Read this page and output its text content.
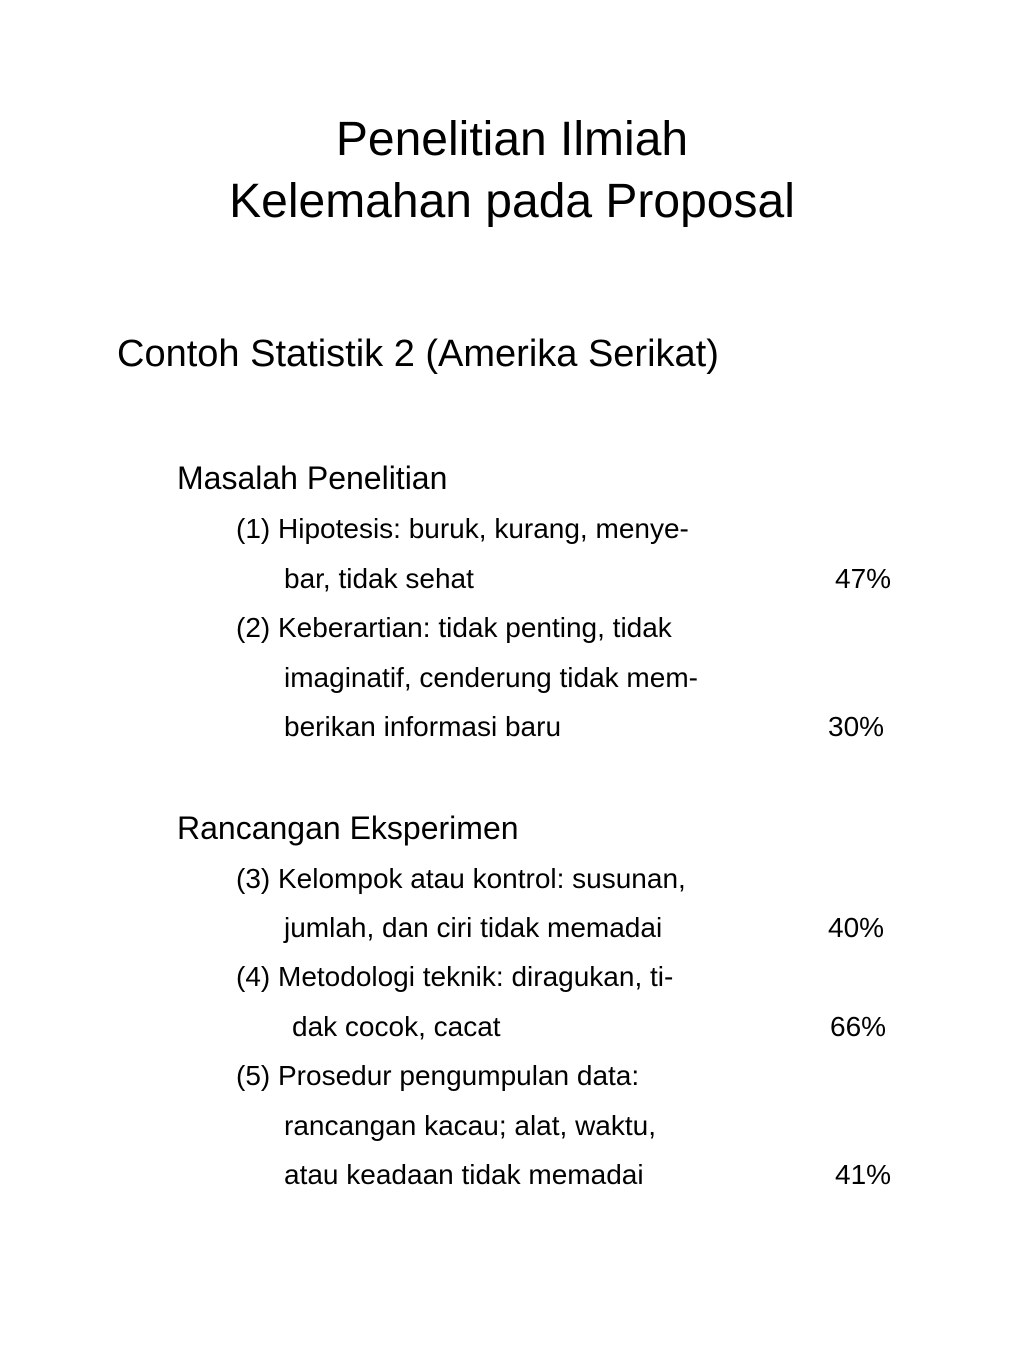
Penelitian Ilmiah
Kelemahan pada Proposal
Contoh Statistik 2 (Amerika Serikat)
Masalah Penelitian
(1) Hipotesis: buruk, kurang, menye-
bar, tidak sehat	47%
(2) Keberartian: tidak penting, tidak
imaginatif, cenderung tidak mem-
berikan informasi baru	30%
Rancangan Eksperimen
(3) Kelompok atau kontrol: susunan,
jumlah, dan ciri tidak memadai	40%
(4) Metodologi teknik: diragukan, ti-
dak cocok, cacat	66%
(5) Prosedur pengumpulan data:
rancangan kacau; alat, waktu,
atau keadaan tidak memadai	41%
